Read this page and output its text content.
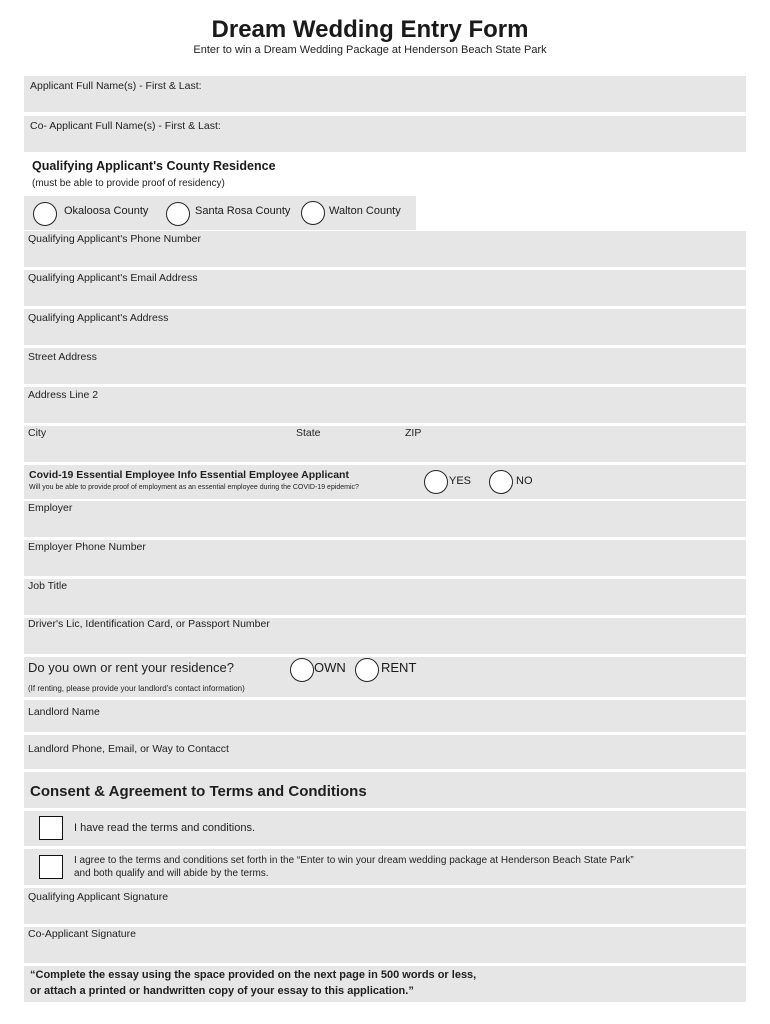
Dream Wedding Entry Form
Enter to win a Dream Wedding Package at Henderson Beach State Park
Applicant Full Name(s) - First & Last:
Co- Applicant Full Name(s) - First & Last:
Qualifying Applicant's County Residence
(must be able to provide proof of residency)
Okaloosa County	Santa Rosa County	Walton County
Qualifying Applicant's Phone Number
Qualifying Applicant's Email Address
Qualifying Applicant's Address
Street Address
Address Line 2
City	State	ZIP
Covid-19 Essential Employee Info Essential Employee Applicant
Will you be able to provide proof of employment as an essential employee during the COVID-19 epidemic?
YES	NO
Employer
Employer Phone Number
Job Title
Driver's Lic, Identification Card, or Passport Number
Do you own or rent your residence?
(If renting, please provide your landlord's contact information)
OWN	RENT
Landlord Name
Landlord Phone, Email, or Way to Contacct
Consent & Agreement to Terms and Conditions
I have read the terms and conditions.
I agree to the terms and conditions set forth in the “Enter to win your dream wedding package at Henderson Beach State Park”
and both qualify and will abide by the terms.
Qualifying Applicant Signature
Co-Applicant Signature
“Complete the essay using the space provided on the next page in 500 words or less,
or attach a printed or handwritten copy of your essay to this application.”
